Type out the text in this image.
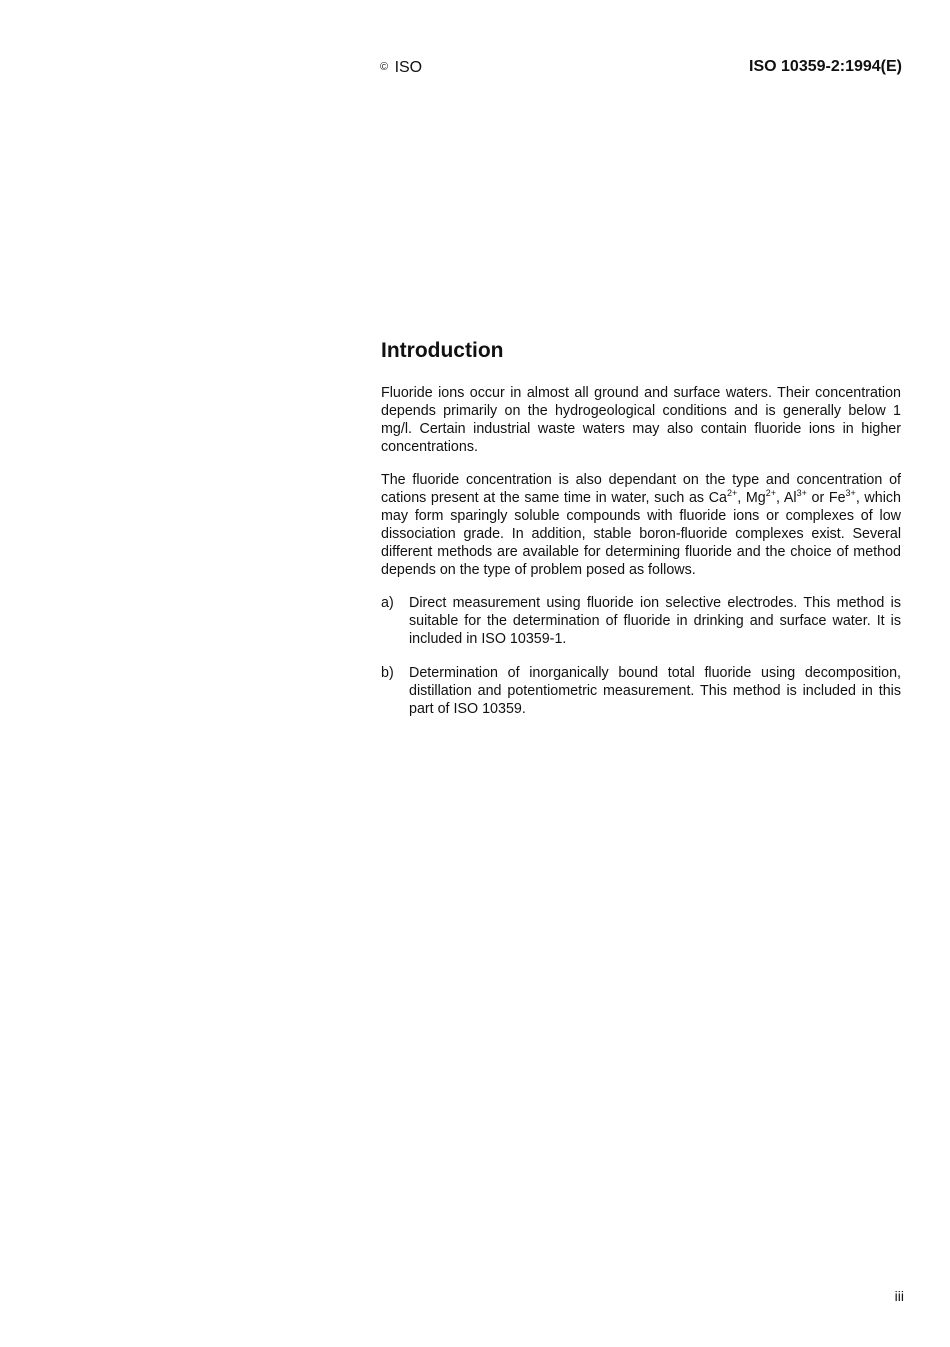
© ISO	ISO 10359-2:1994(E)
Introduction

Fluoride ions occur in almost all ground and surface waters. Their concentration depends primarily on the hydrogeological conditions and is generally below 1 mg/l. Certain industrial waste waters may also contain fluoride ions in higher concentrations.

The fluoride concentration is also dependant on the type and concentration of cations present at the same time in water, such as $Ca^{2+}$, $Mg^{2+}$, $Al^{3+}$ or $Fe^{3+}$, which may form sparingly soluble compounds with fluoride ions or complexes of low dissociation grade. In addition, stable boron-fluoride complexes exist. Several different methods are available for determining fluoride and the choice of method depends on the type of problem posed as follows.

a)	Direct measurement using fluoride ion selective electrodes. This method is suitable for the determination of fluoride in drinking and surface water. It is included in ISO 10359-1.
b)	Determination of inorganically bound total fluoride using decomposition, distillation and potentiometric measurement. This method is included in this part of ISO 10359.
iii
